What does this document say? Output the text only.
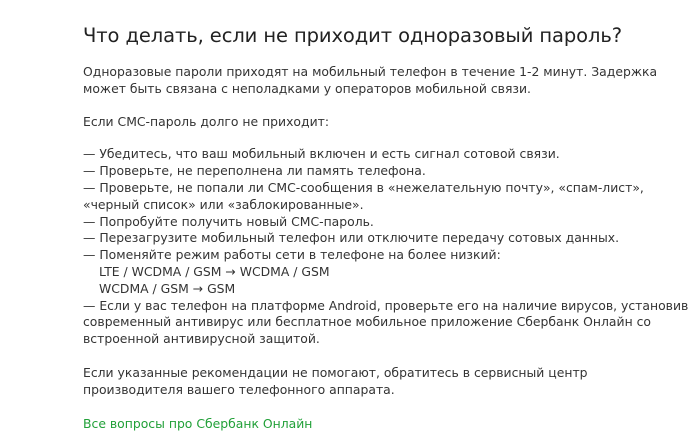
Что делать, если не приходит одноразовый пароль?

Одноразовые пароли приходят на мобильный телефон в течение 1-2 минут. Задержка может быть связана с неполадками у операторов мобильной связи.

Если СМС-пароль долго не приходит:

— Убедитесь, что ваш мобильный включен и есть сигнал сотовой связи.
— Проверьте, не переполнена ли память телефона.
— Проверьте, не попали ли СМС-сообщения в «нежелательную почту», «спам-лист»,
«черный список» или «заблокированные».
— Попробуйте получить новый СМС-пароль.
— Перезагрузите мобильный телефон или отключите передачу сотовых данных.
— Поменяйте режим работы сети в телефоне на более низкий:
LTE / WCDMA / GSM → WCDMA / GSM
WCDMA / GSM → GSM
— Если у вас телефон на платформе Android, проверьте его на наличие вирусов, установив
современный антивирус или бесплатное мобильное приложение Сбербанк Онлайн со
встроенной антивирусной защитой.

Если указанные рекомендации не помогают, обратитесь в сервисный центр производителя вашего телефонного аппарата.

Все вопросы про Сбербанк Онлайн
